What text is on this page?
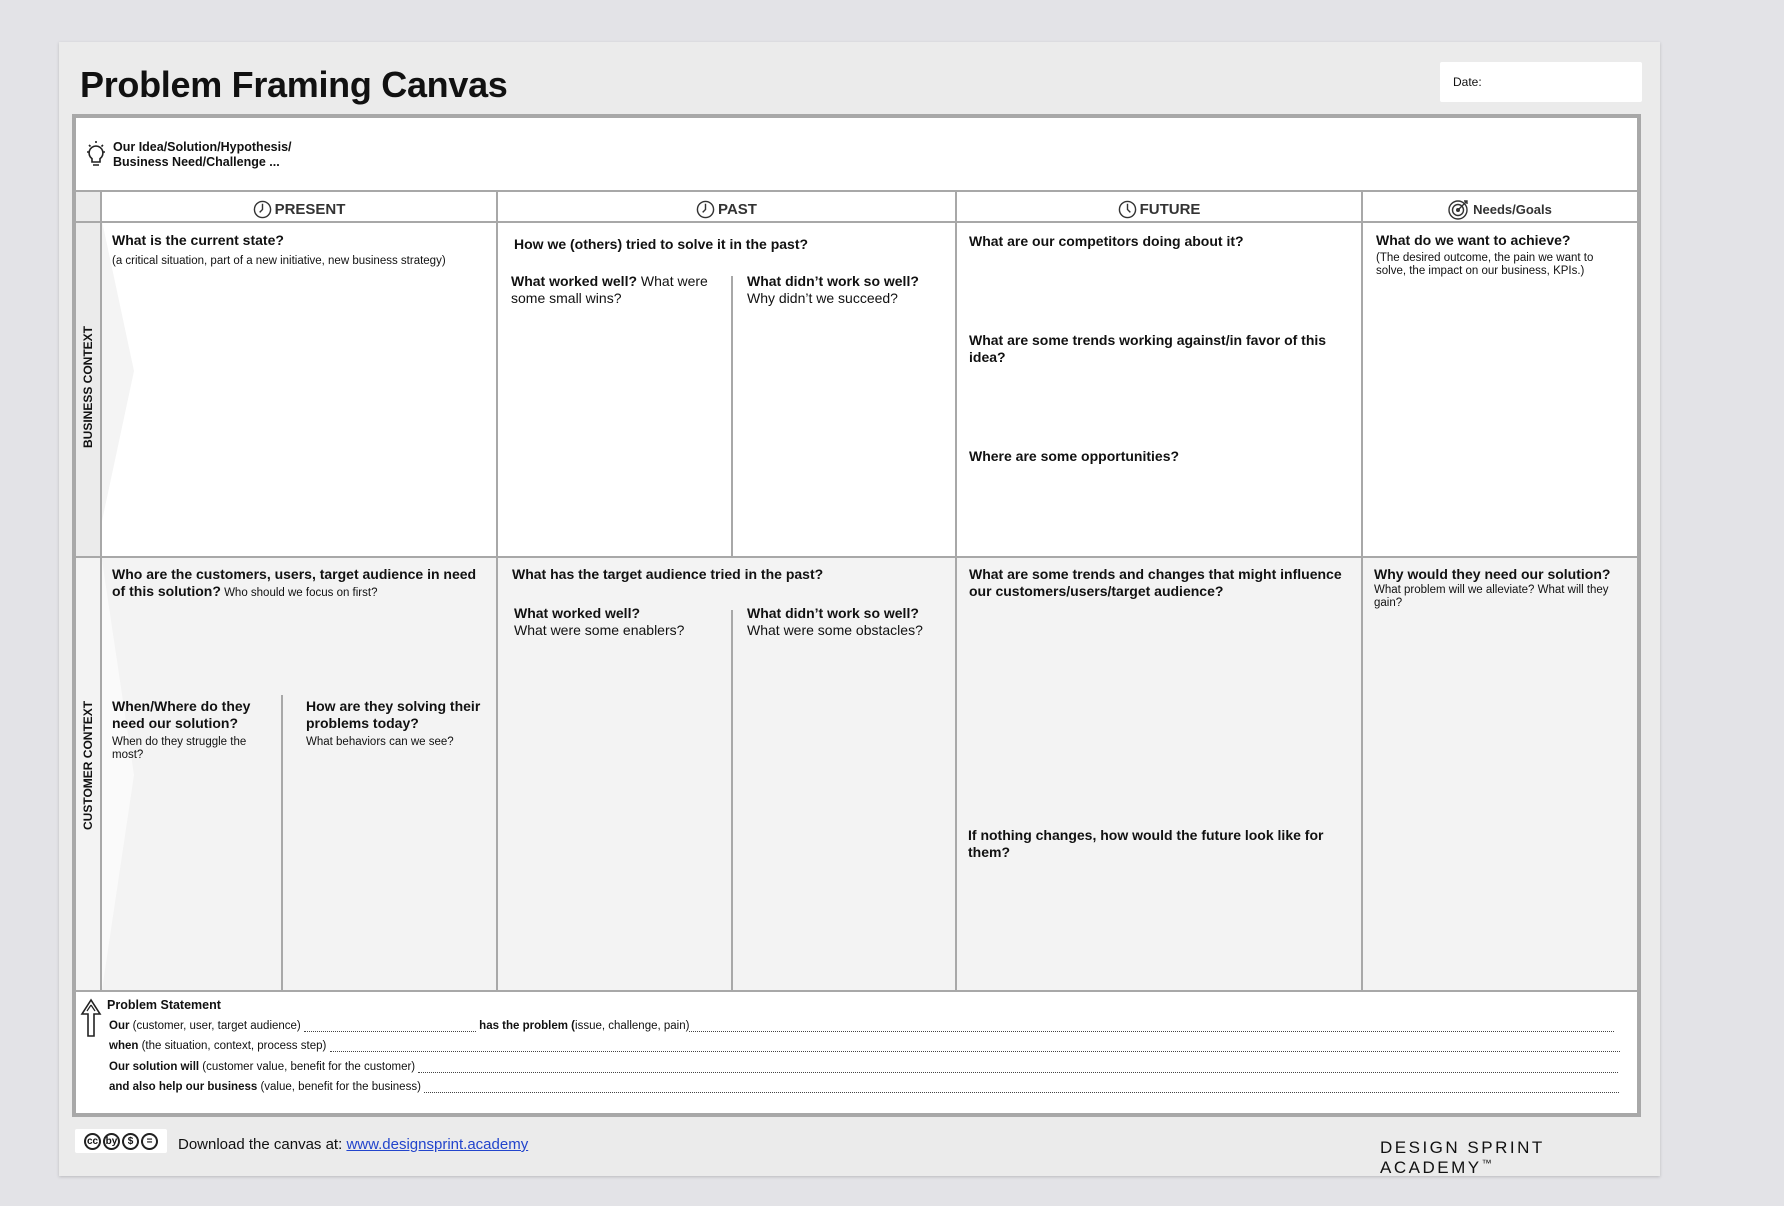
Problem Framing Canvas	Date:
Our Idea/Solution/Hypothesis/
Business Need/Challenge ...
PRESENT	PAST	FUTURE	Needs/Goals
BUSINESS CONTEXT
CUSTOMER CONTEXT
What is the current state?
(a critical situation, part of a new initiative, new business strategy)
How we (others) tried to solve it in the past?
What worked well? What were some small wins?
What didn’t work so well?
Why didn’t we succeed?
What are our competitors doing about it?
What are some trends working against/in favor of this idea?
Where are some opportunities?
What do we want to achieve?
(The desired outcome, the pain we want to solve, the impact on our business, KPIs.)
Who are the customers, users, target audience in need of this solution? Who should we focus on first?
When/Where do they need our solution?
When do they struggle the most?
How are they solving their problems today?
What behaviors can we see?
What has the target audience tried in the past?
What worked well?
What were some enablers?
What didn’t work so well?
What were some obstacles?
What are some trends and changes that might influence our customers/users/target audience?
If nothing changes, how would the future look like for them?
Why would they need our solution?
What problem will we alleviate? What will they gain?
Problem Statement
Our (customer, user, target audience)	has the problem (issue, challenge, pain)
when (the situation, context, process step)
Our solution will (customer value, benefit for the customer)
and also help our business (value, benefit for the business)
cc by	$	=	Download the canvas at: www.designsprint.academy	DESIGN SPRINT ACADEMY™
